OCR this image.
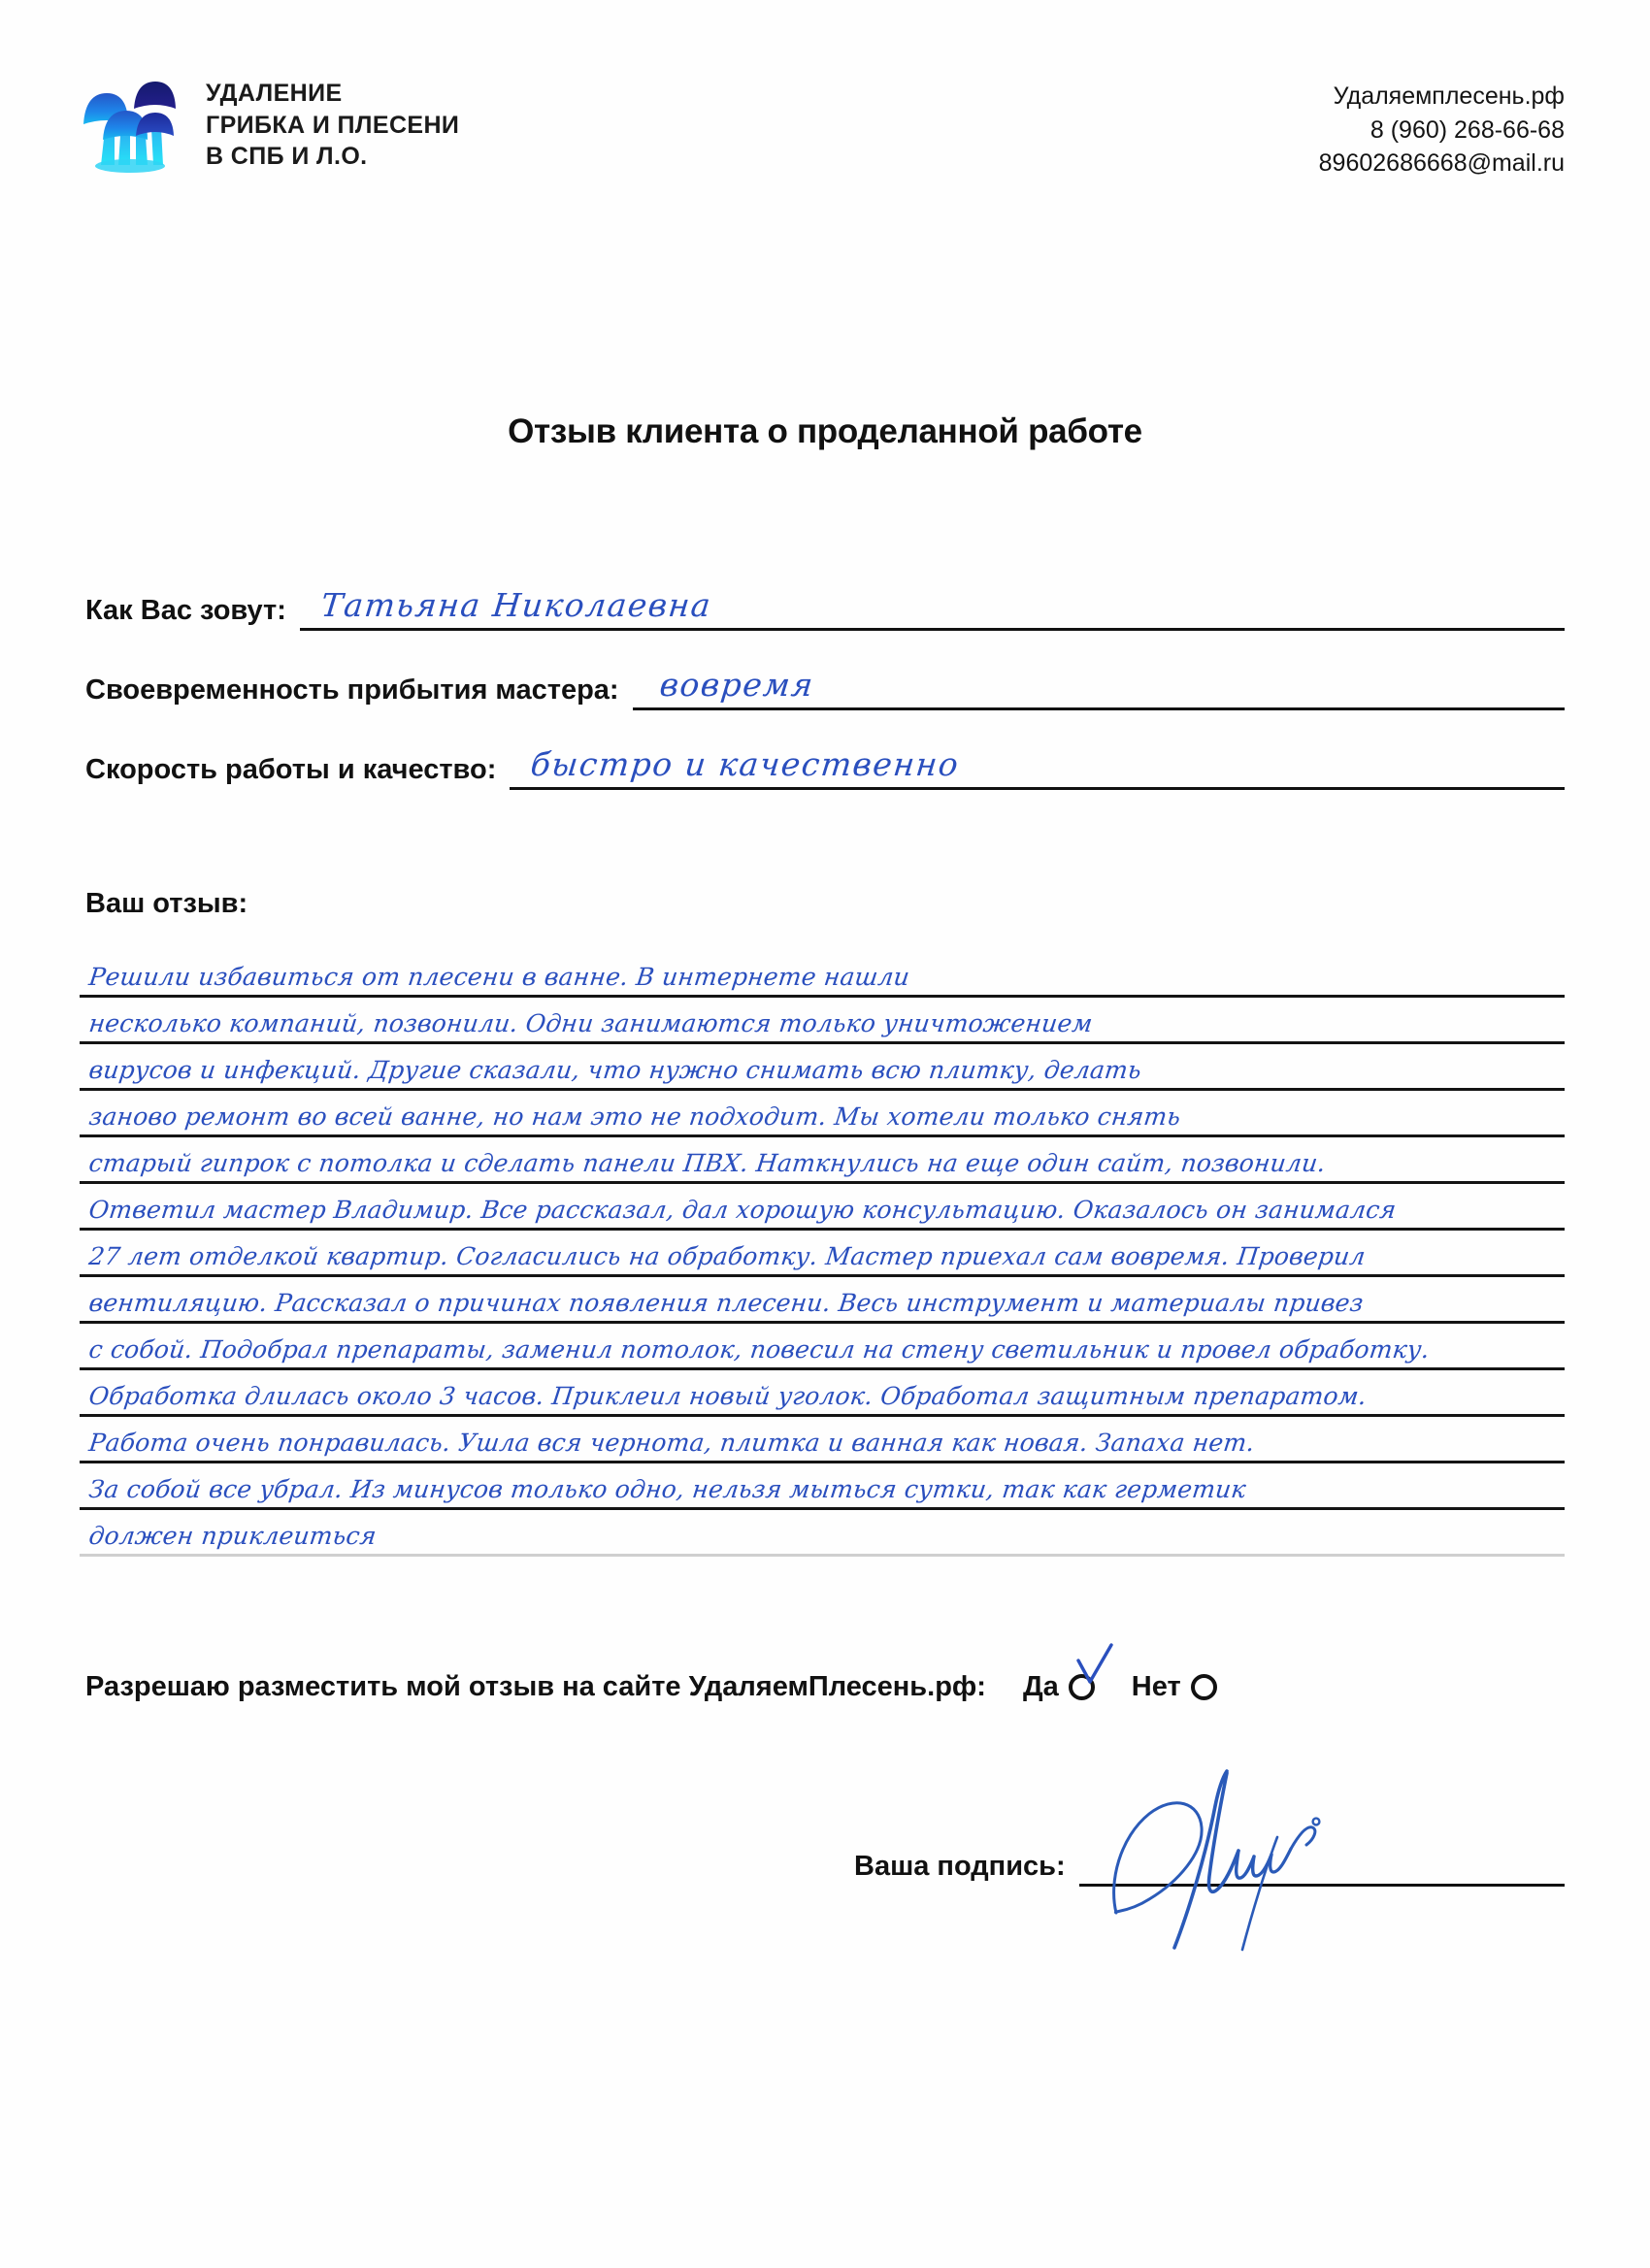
УДАЛЕНИЕ
ГРИБКА И ПЛЕСЕНИ
В СПБ И Л.О.
Удаляемплесень.рф
8 (960) 268-66-68
89602686668@mail.ru
Отзыв клиента о проделанной работе
Как Вас зовут: Татьяна Николаевна
Своевременность прибытия мастера: вовремя
Скорость работы и качество: быстро и качественно
Ваш отзыв:
Решили избавиться от плесени в ванне. В интернете нашли
несколько компаний, позвонили. Одни занимаются только уничтожением
вирусов и инфекций. Другие сказали, что нужно снимать всю плитку, делать
заново ремонт во всей ванне, но нам это не подходит. Мы хотели только снять
старый гипрок с потолка и сделать панели ПВХ. Наткнулись на еще один сайт, позвонили.
Ответил мастер Владимир. Все рассказал, дал хорошую консультацию. Оказалось он занимался
27 лет отделкой квартир. Согласились на обработку. Мастер приехал сам вовремя. Проверил
вентиляцию. Рассказал о причинах появления плесени. Весь инструмент и материалы привез
с собой. Подобрал препараты, заменил потолок, повесил на стену светильник и провел обработку.
Обработка длилась около 3 часов. Приклеил новый уголок. Обработал защитным препаратом.
Работа очень понравилась. Ушла вся чернота, плитка и ванная как новая. Запаха нет.
За собой все убрал. Из минусов только одно, нельзя мыться сутки, так как герметик
должен приклеиться
Разрешаю разместить мой отзыв на сайте УдаляемПлесень.рф: Да	Нет
Ваша подпись:
